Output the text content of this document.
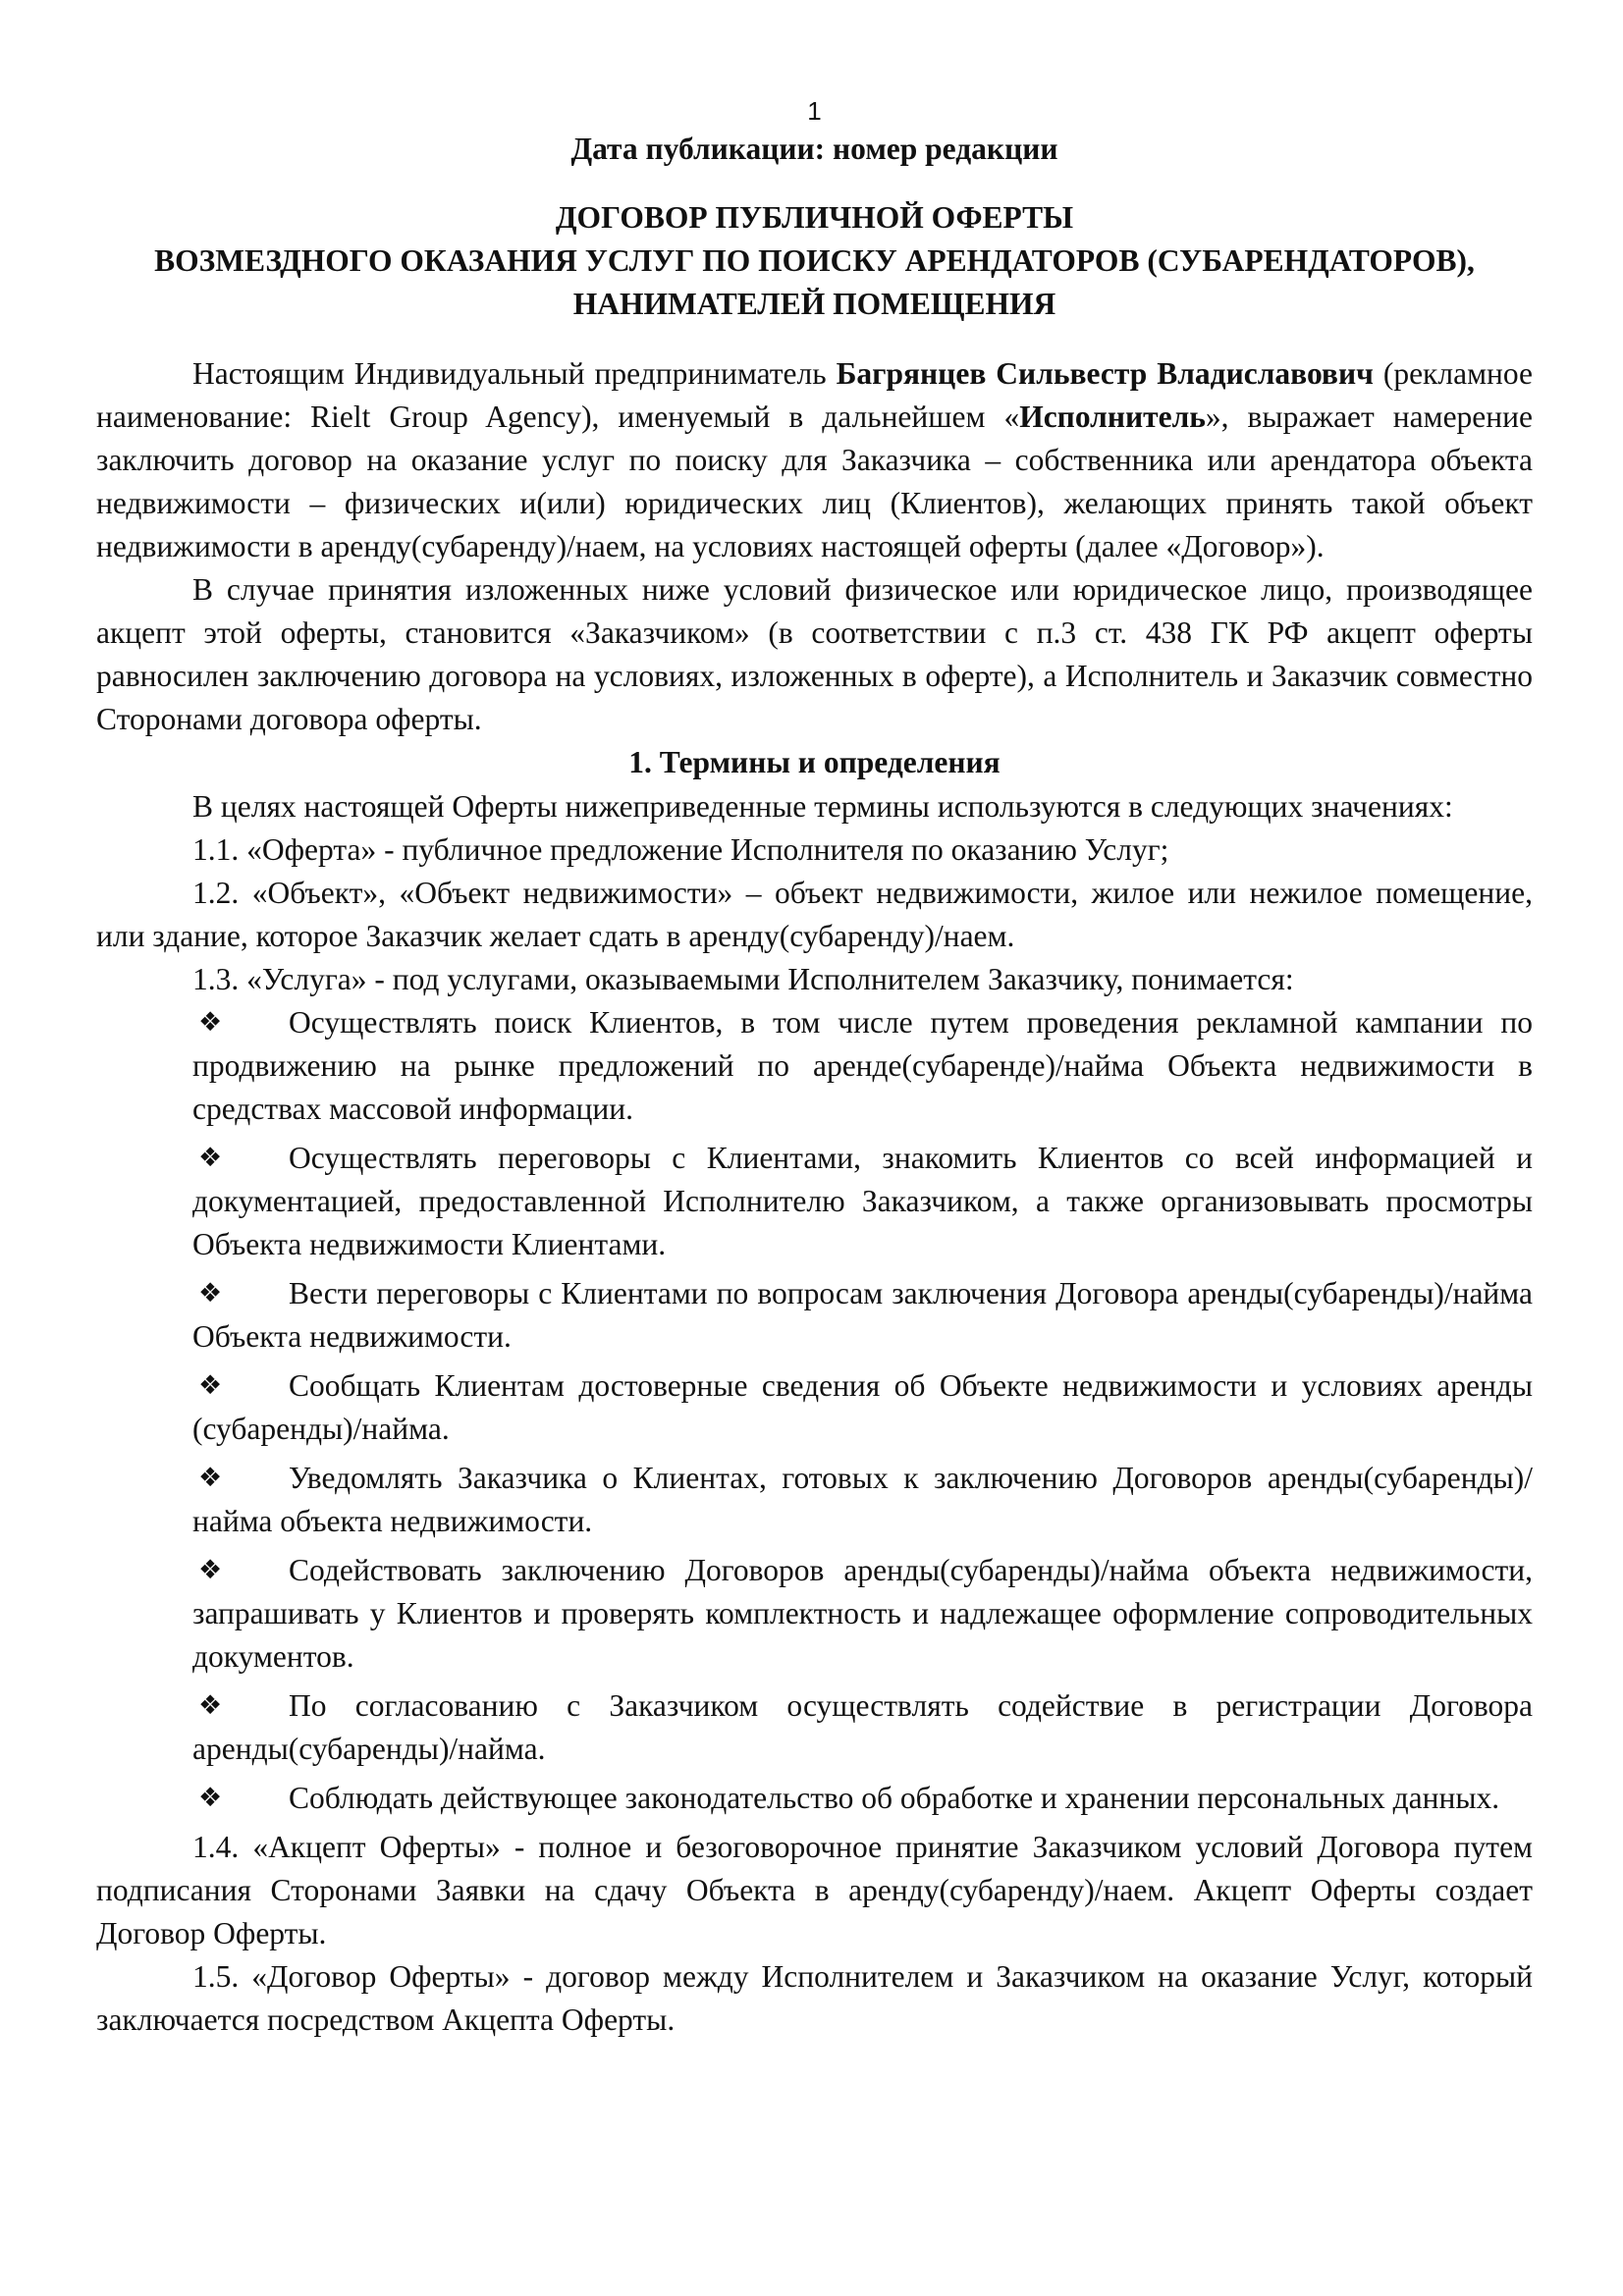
1

Дата публикации: номер редакции

ДОГОВОР ПУБЛИЧНОЙ ОФЕРТЫ

ВОЗМЕЗДНОГО ОКАЗАНИЯ УСЛУГ ПО ПОИСКУ АРЕНДАТОРОВ (СУБАРЕНДАТОРОВ),

НАНИМАТЕЛЕЙ ПОМЕЩЕНИЯ

Настоящим Индивидуальный предприниматель Багрянцев Сильвестр Владиславович (рекламное наименование: Rielt Group Agency), именуемый в дальнейшем «Исполнитель», выражает намерение заключить договор на оказание услуг по поиску для Заказчика – собственника или арендатора объекта недвижимости – физических и(или) юридических лиц (Клиентов), желающих принять такой объект недвижимости в аренду(субаренду)/наем, на условиях настоящей оферты (далее «Договор»).

В случае принятия изложенных ниже условий физическое или юридическое лицо, производящее акцепт этой оферты, становится «Заказчиком» (в соответствии с п.3 ст. 438 ГК РФ акцепт оферты равносилен заключению договора на условиях, изложенных в оферте), а Исполнитель и Заказчик совместно Сторонами договора оферты.

1. Термины и определения

В целях настоящей Оферты нижеприведенные термины используются в следующих значениях:

1.1. «Оферта» - публичное предложение Исполнителя по оказанию Услуг;

1.2. «Объект», «Объект недвижимости» – объект недвижимости, жилое или нежилое помещение, или здание, которое Заказчик желает сдать в аренду(субаренду)/наем.

1.3. «Услуга» - под услугами, оказываемыми Исполнителем Заказчику, понимается:

❖	Осуществлять поиск Клиентов, в том числе путем проведения рекламной кампании по продвижению на рынке предложений по аренде(субаренде)/найма Объекта недвижимости в средствах массовой информации.
❖	Осуществлять переговоры с Клиентами, знакомить Клиентов со всей информацией и документацией, предоставленной Исполнителю Заказчиком, а также организовывать просмотры Объекта недвижимости Клиентами.
❖	Вести переговоры с Клиентами по вопросам заключения Договора аренды(субаренды)/найма Объекта недвижимости.
❖	Сообщать Клиентам достоверные сведения об Объекте недвижимости и условиях аренды (субаренды)/найма.
❖	Уведомлять Заказчика о Клиентах, готовых к заключению Договоров аренды(субаренды)/найма объекта недвижимости.
❖	Содействовать заключению Договоров аренды(субаренды)/найма объекта недвижимости, запрашивать у Клиентов и проверять комплектность и надлежащее оформление сопроводительных документов.
❖	По согласованию с Заказчиком осуществлять содействие в регистрации Договора аренды(субаренды)/найма.
❖	Соблюдать действующее законодательство об обработке и хранении персональных данных.

1.4. «Акцепт Оферты» - полное и безоговорочное принятие Заказчиком условий Договора путем подписания Сторонами Заявки на сдачу Объекта в аренду(субаренду)/наем. Акцепт Оферты создает Договор Оферты.

1.5. «Договор Оферты» - договор между Исполнителем и Заказчиком на оказание Услуг, который заключается посредством Акцепта Оферты.
